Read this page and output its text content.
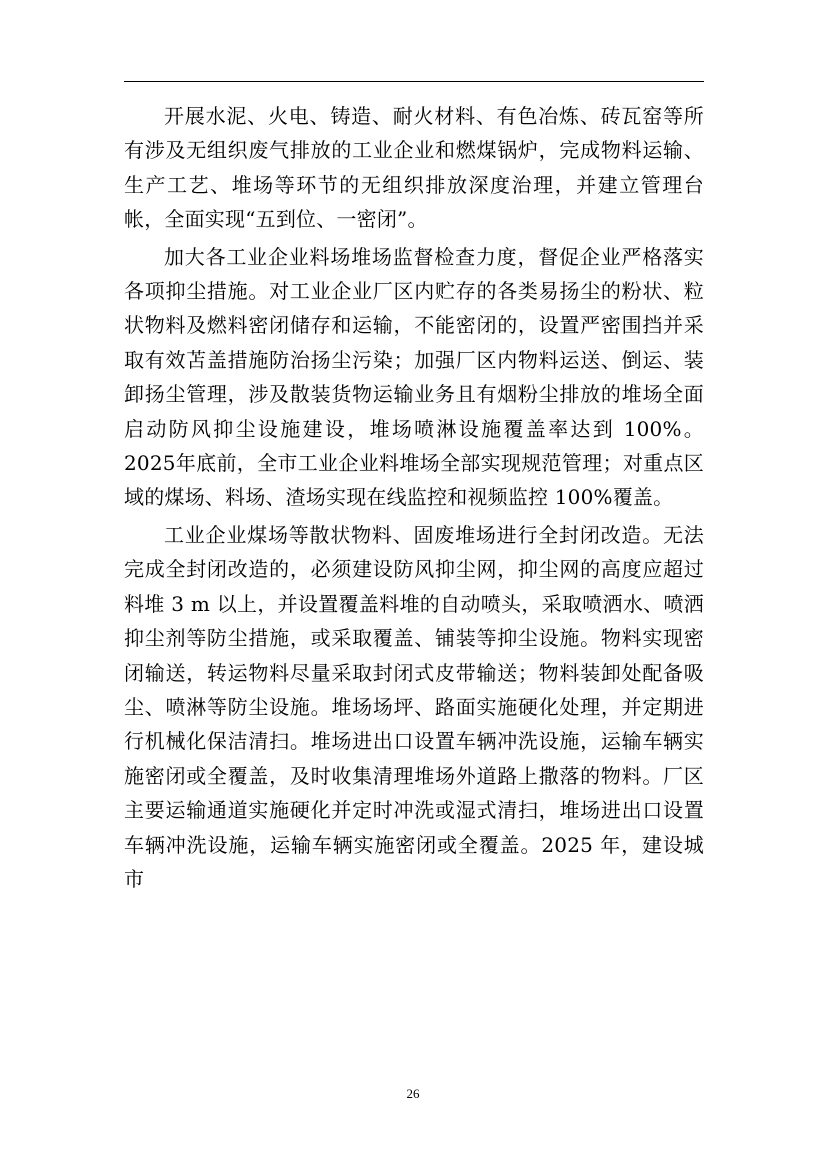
开展水泥、火电、铸造、耐火材料、有色冶炼、砖瓦窑等所有涉及无组织废气排放的工业企业和燃煤锅炉，完成物料运输、生产工艺、堆场等环节的无组织排放深度治理，并建立管理台帐，全面实现“五到位、一密闭”。

加大各工业企业料场堆场监督检查力度，督促企业严格落实各项抑尘措施。对工业企业厂区内贮存的各类易扬尘的粉状、粒状物料及燃料密闭储存和运输，不能密闭的，设置严密围挡并采取有效苫盖措施防治扬尘污染；加强厂区内物料运送、倒运、装卸扬尘管理，涉及散装货物运输业务且有烟粉尘排放的堆场全面启动防风抑尘设施建设，堆场喷淋设施覆盖率达到 100%。2025年底前，全市工业企业料堆场全部实现规范管理；对重点区域的煤场、料场、渣场实现在线监控和视频监控 100%覆盖。

工业企业煤场等散状物料、固废堆场进行全封闭改造。无法完成全封闭改造的，必须建设防风抑尘网，抑尘网的高度应超过料堆 3 m 以上，并设置覆盖料堆的自动喷头，采取喷洒水、喷洒抑尘剂等防尘措施，或采取覆盖、铺装等抑尘设施。物料实现密闭输送，转运物料尽量采取封闭式皮带输送；物料装卸处配备吸尘、喷淋等防尘设施。堆场场坪、路面实施硬化处理，并定期进行机械化保洁清扫。堆场进出口设置车辆冲洗设施，运输车辆实施密闭或全覆盖，及时收集清理堆场外道路上撒落的物料。厂区主要运输通道实施硬化并定时冲洗或湿式清扫，堆场进出口设置车辆冲洗设施，运输车辆实施密闭或全覆盖。2025 年，建设城市

26
